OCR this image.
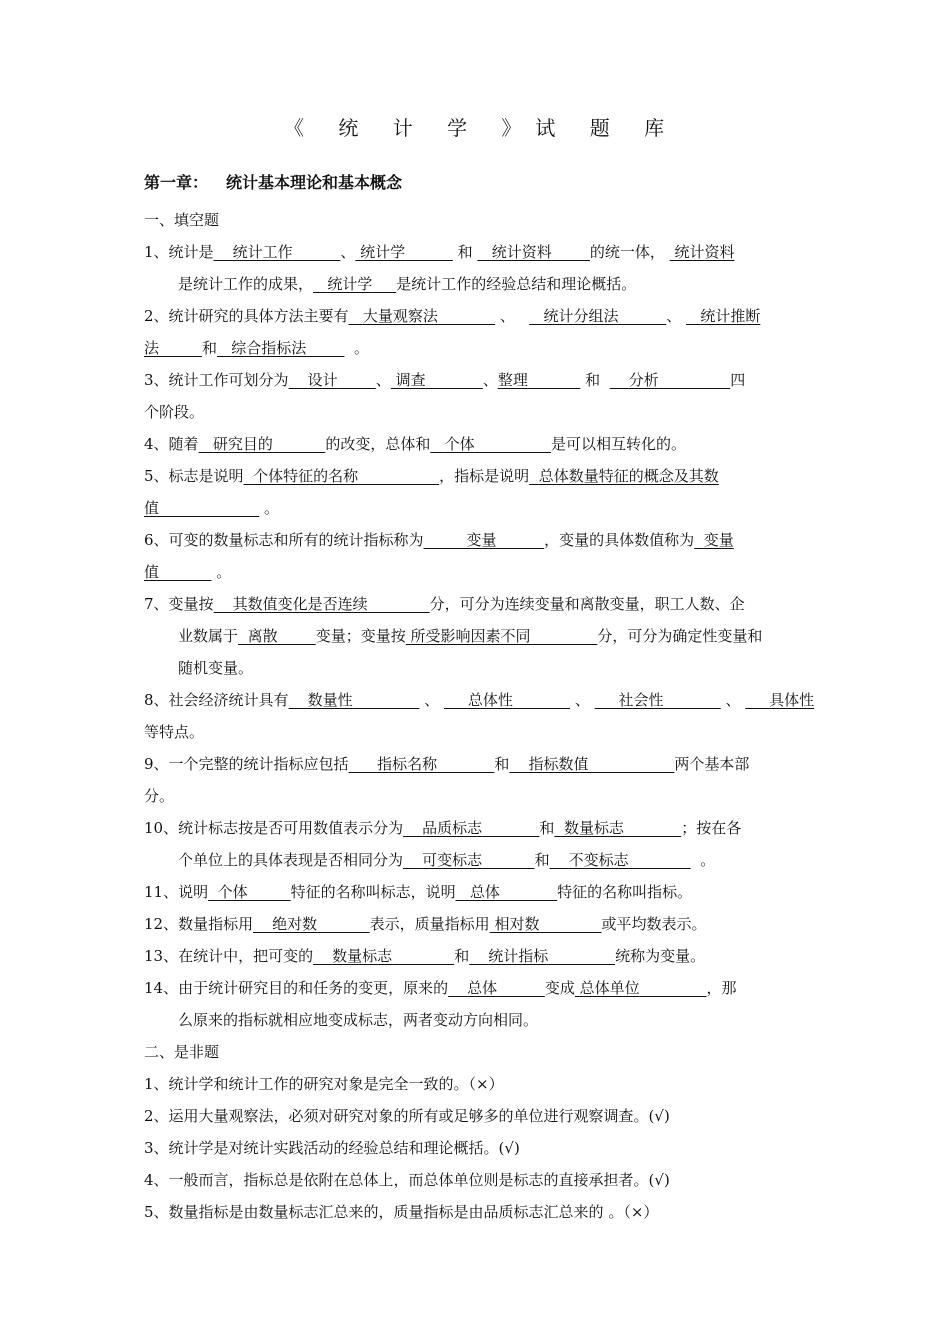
《 统 计 学 》试 题 库
第一章： 统计基本理论和基本概念
一、填空题
1、统计是 统计工作	、 统计学	和 统计资料	的统一体， 统计资料
是统计工作的成果， 统计学 是统计工作的经验总结和理论概括。
2、统计研究的具体方法主要有 大量观察法	、 统计分组法	、 统计推断
法	和 综合指标法	。
3、统计工作可划分为 设计	、 调查	、整理	和 分析	四
个阶段。
4、随着 研究目的	的改变，总体和 个体	是可以相互转化的。
5、标志是说明 个体特征的名称	，指标是说明 总体数量特征的概念及其数
值	。
6、可变的数量标志和所有的统计指标称为	变量	，变量的具体数值称为 变量
值	。
7、变量按 其数值变化是否连续	分，可分为连续变量和离散变量，职工人数、企
业数属于 离散	变量；变量按 所受影响因素不同	分，可分为确定性变量和
随机变量。
8、社会经济统计具有 数量性	、 总体性	、 社会性	、 具体性
等特点。
9、一个完整的统计指标应包括 指标名称	和 指标数值	两个基本部
分。
10、统计标志按是否可用数值表示分为 品质标志	和 数量标志	；按在各
个单位上的具体表现是否相同分为 可变标志	和 不变标志	。
11、说明 个体	特征的名称叫标志，说明 总体	特征的名称叫指标。
12、数量指标用 绝对数	表示，质量指标用 相对数	或平均数表示。
13、在统计中，把可变的 数量标志	和 统计指标	统称为变量。
14、由于统计研究目的和任务的变更，原来的 总体	变成 总体单位	，那
么原来的指标就相应地变成标志，两者变动方向相同。
二、是非题
1、统计学和统计工作的研究对象是完全一致的。（×）
2、运用大量观察法，必须对研究对象的所有或足够多的单位进行观察调查。(√)
3、统计学是对统计实践活动的经验总结和理论概括。(√)
4、一般而言，指标总是依附在总体上，而总体单位则是标志的直接承担者。(√)
5、数量指标是由数量标志汇总来的，质量指标是由品质标志汇总来的 。（×）
